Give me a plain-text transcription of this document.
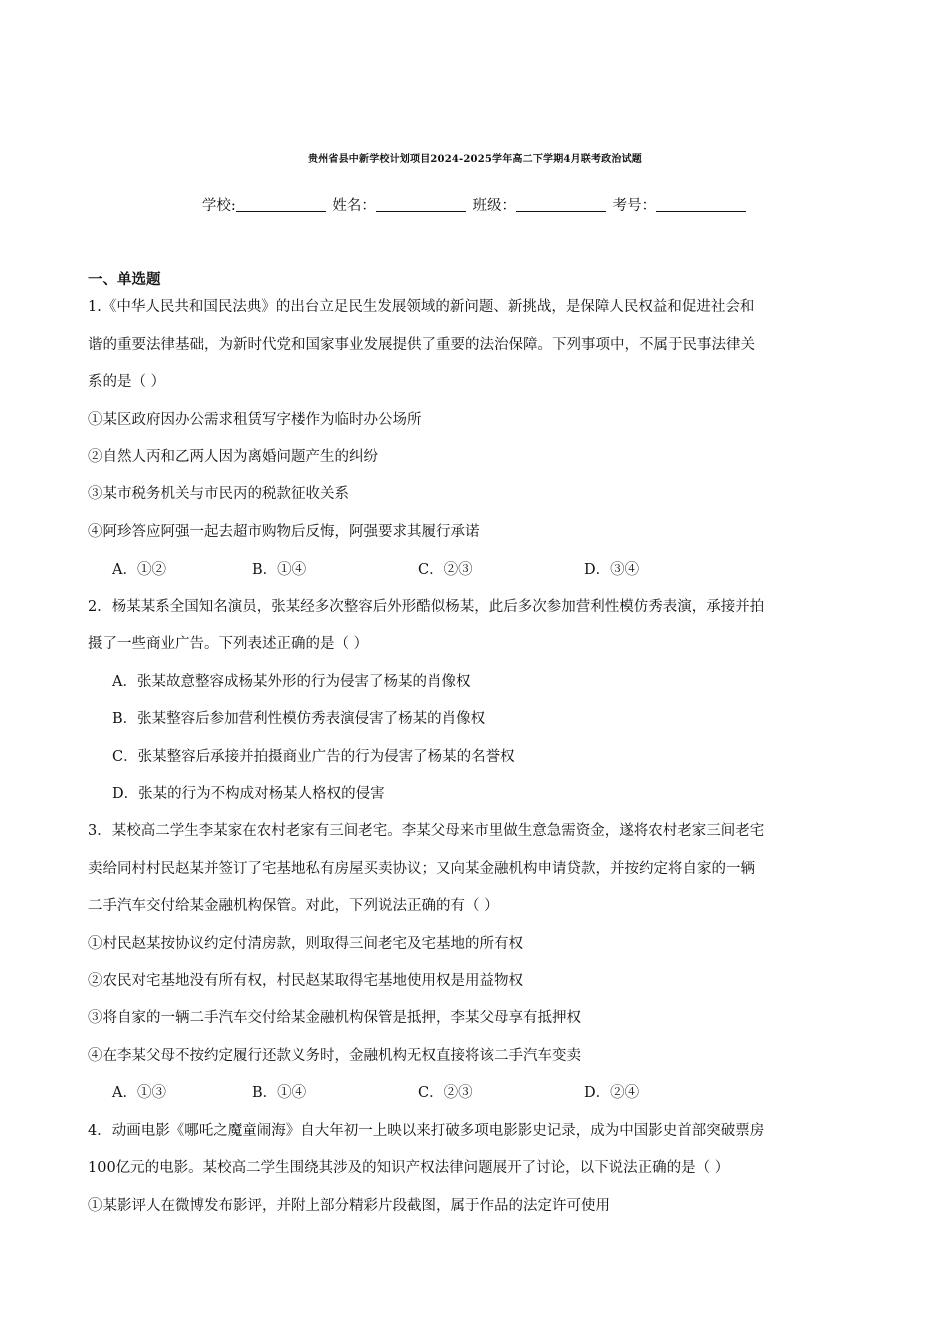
贵州省县中新学校计划项目2024-2025学年高二下学期4月联考政治试题
学校:	姓名：	班级：	考号：
一、单选题
1.《中华人民共和国民法典》的出台立足民生发展领域的新问题、新挑战，是保障人民权益和促进社会和
谐的重要法律基础，为新时代党和国家事业发展提供了重要的法治保障。下列事项中，不属于民事法律关
系的是（ ）
①某区政府因办公需求租赁写字楼作为临时办公场所
②自然人丙和乙两人因为离婚问题产生的纠纷
③某市税务机关与市民丙的税款征收关系
④阿珍答应阿强一起去超市购物后反悔，阿强要求其履行承诺
A．①②	B．①④	C．②③	D．③④
2．杨某某系全国知名演员，张某经多次整容后外形酷似杨某，此后多次参加营利性模仿秀表演，承接并拍
摄了一些商业广告。下列表述正确的是（ ）
A．张某故意整容成杨某外形的行为侵害了杨某的肖像权
B．张某整容后参加营利性模仿秀表演侵害了杨某的肖像权
C．张某整容后承接并拍摄商业广告的行为侵害了杨某的名誉权
D．张某的行为不构成对杨某人格权的侵害
3．某校高二学生李某家在农村老家有三间老宅。李某父母来市里做生意急需资金，遂将农村老家三间老宅
卖给同村村民赵某并签订了宅基地私有房屋买卖协议；又向某金融机构申请贷款，并按约定将自家的一辆
二手汽车交付给某金融机构保管。对此，下列说法正确的有（ ）
①村民赵某按协议约定付清房款，则取得三间老宅及宅基地的所有权
②农民对宅基地没有所有权，村民赵某取得宅基地使用权是用益物权
③将自家的一辆二手汽车交付给某金融机构保管是抵押，李某父母享有抵押权
④在李某父母不按约定履行还款义务时，金融机构无权直接将该二手汽车变卖
A．①③	B．①④	C．②③	D．②④
4．动画电影《哪吒之魔童闹海》自大年初一上映以来打破多项电影影史记录，成为中国影史首部突破票房
100亿元的电影。某校高二学生围绕其涉及的知识产权法律问题展开了讨论，以下说法正确的是（ ）
①某影评人在微博发布影评，并附上部分精彩片段截图，属于作品的法定许可使用
